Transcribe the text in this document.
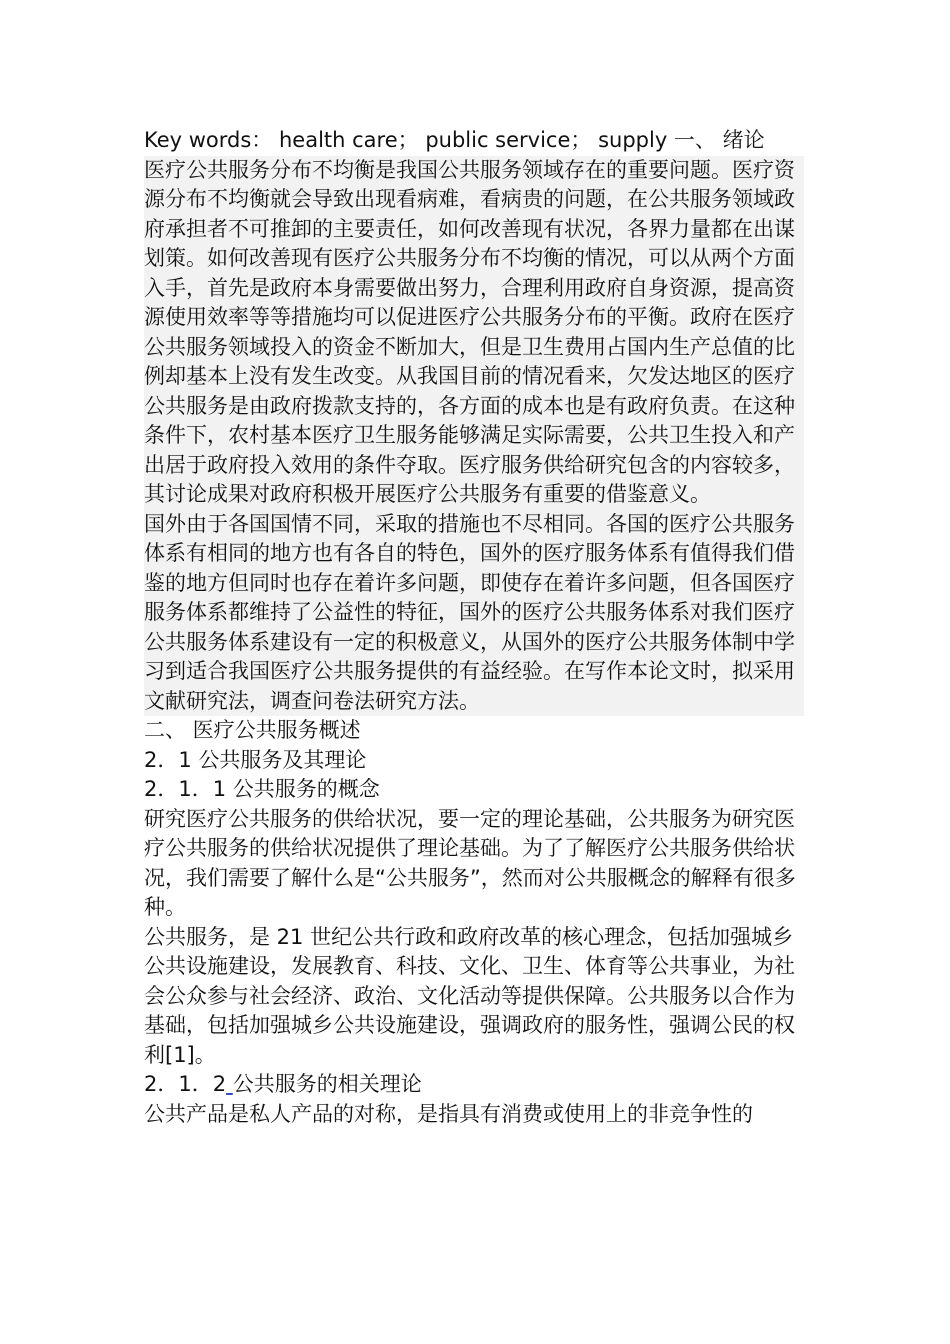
Key words： health care； public service； supply 一、 绪论

医疗公共服务分布不均衡是我国公共服务领域存在的重要问题。医疗资源分布不均衡就会导致出现看病难，看病贵的问题，在公共服务领域政府承担者不可推卸的主要责任，如何改善现有状况，各界力量都在出谋划策。如何改善现有医疗公共服务分布不均衡的情况，可以从两个方面入手，首先是政府本身需要做出努力，合理利用政府自身资源，提高资源使用效率等等措施均可以促进医疗公共服务分布的平衡。政府在医疗公共服务领域投入的资金不断加大，但是卫生费用占国内生产总值的比例却基本上没有发生改变。从我国目前的情况看来，欠发达地区的医疗公共服务是由政府拨款支持的，各方面的成本也是有政府负责。在这种条件下，农村基本医疗卫生服务能够满足实际需要，公共卫生投入和产出居于政府投入效用的条件夺取。医疗服务供给研究包含的内容较多，其讨论成果对政府积极开展医疗公共服务有重要的借鉴意义。

国外由于各国国情不同，采取的措施也不尽相同。各国的医疗公共服务体系有相同的地方也有各自的特色，国外的医疗服务体系有值得我们借鉴的地方但同时也存在着许多问题，即使存在着许多问题，但各国医疗服务体系都维持了公益性的特征，国外的医疗公共服务体系对我们医疗公共服务体系建设有一定的积极意义，从国外的医疗公共服务体制中学习到适合我国医疗公共服务提供的有益经验。在写作本论文时，拟采用文献研究法，调查问卷法研究方法。

二、 医疗公共服务概述

2．1 公共服务及其理论

2．1．1 公共服务的概念

研究医疗公共服务的供给状况，要一定的理论基础，公共服务为研究医疗公共服务的供给状况提供了理论基础。为了了解医疗公共服务供给状况，我们需要了解什么是“公共服务”，然而对公共服概念的解释有很多种。

公共服务，是 21 世纪公共行政和政府改革的核心理念，包括加强城乡公共设施建设，发展教育、科技、文化、卫生、体育等公共事业，为社会公众参与社会经济、政治、文化活动等提供保障。公共服务以合作为基础，包括加强城乡公共设施建设，强调政府的服务性，强调公民的权利[1]。

2．1．2 公共服务的相关理论

公共产品是私人产品的对称，是指具有消费或使用上的非竞争性的
